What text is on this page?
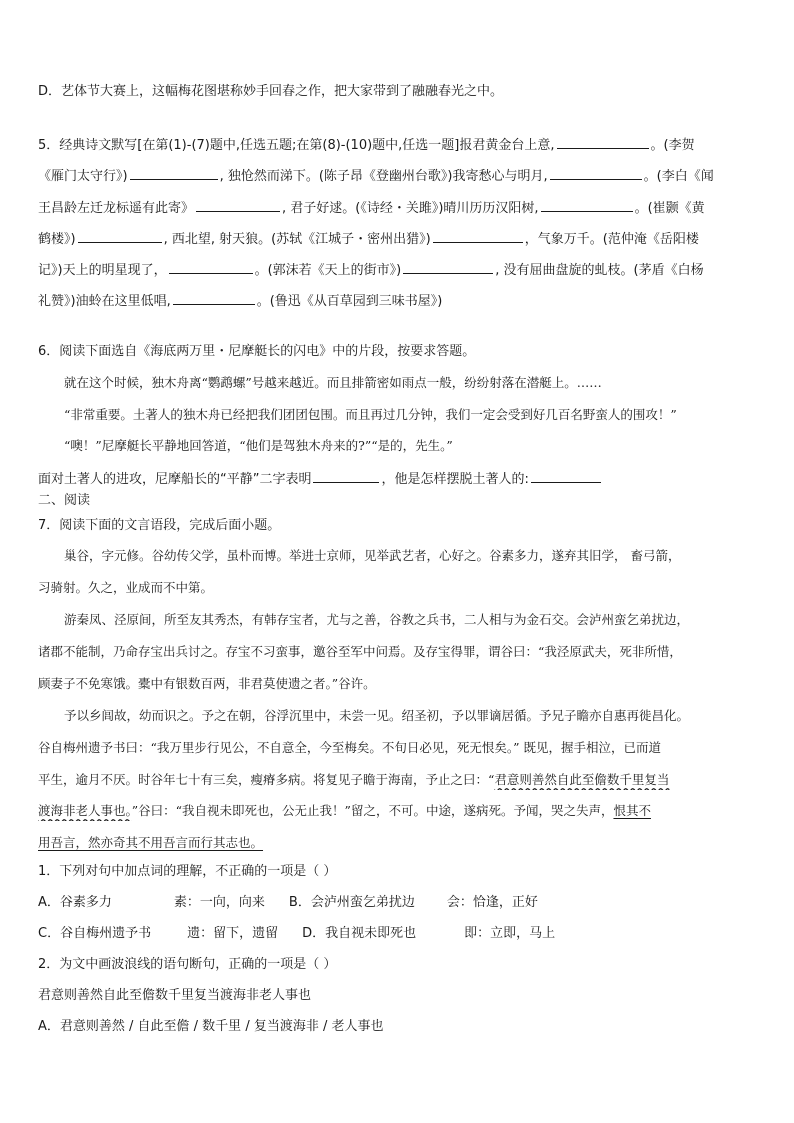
D．艺体节大赛上，这幅梅花图堪称妙手回春之作，把大家带到了融融春光之中。
5．经典诗文默写[在第(1)-(7)题中,任选五题;在第(8)-(10)题中,任选一题]报君黄金台上意,	。(李贺
《雁门太守行》)	, 独怆然而涕下。(陈子昂《登幽州台歌》)我寄愁心与明月,	。(李白《闻
王昌龄左迁龙标遥有此寄》	, 君子好逑。(《诗经・关雎》)晴川历历汉阳树,	。(崔颢《黄
鹤楼》)	, 西北望, 射天狼。(苏轼《江城子・密州出猎》)	，气象万千。(范仲淹《岳阳楼
记》)天上的明星现了，	。(郭沫若《天上的街市》)	, 没有屈曲盘旋的虬枝。(茅盾《白杨
礼赞》)油蛉在这里低唱,	。(鲁迅《从百草园到三味书屋》)
6．阅读下面选自《海底两万里・尼摩艇长的闪电》中的片段，按要求答题。
就在这个时候，独木舟离“鹦鹉螺”号越来越近。而且排箭密如雨点一般，纷纷射落在潜艇上。……
“非常重要。土著人的独木舟已经把我们团团包围。而且再过几分钟，我们一定会受到好几百名野蛮人的围攻！”
“噢！”尼摩艇长平静地回答道，“他们是驾独木舟来的?”“是的，先生。”
面对土著人的进攻，尼摩船长的“平静”二字表明	，他是怎样摆脱土著人的:
二、阅读
7．阅读下面的文言语段，完成后面小题。
巢谷，字元修。谷幼传父学，虽朴而博。举进士京师，见举武艺者，心好之。谷素多力，遂弃其旧学， 畜弓箭，
习骑射。久之，业成而不中第。
游秦凤、泾原间，所至友其秀杰，有韩存宝者，尤与之善，谷教之兵书，二人相与为金石交。会泸州蛮乞弟扰边，
诸郡不能制，乃命存宝出兵讨之。存宝不习蛮事，邀谷至军中问焉。及存宝得罪，谓谷曰：“我泾原武夫，死非所惜，
顾妻子不免寒饿。橐中有银数百两，非君莫使遗之者。”谷许。
予以乡闾故，幼而识之。予之在朝，谷浮沉里中，未尝一见。绍圣初，予以罪谪居循。予兄子瞻亦自惠再徙昌化。
谷自梅州遗予书曰：“我万里步行见公，不自意全，今至梅矣。不旬日必见，死无恨矣。” 既见，握手相泣，已而道
平生，逾月不厌。时谷年七十有三矣，瘦瘠多病。将复见子瞻于海南，予止之曰：“君意则善然自此至儋数千里复当
渡海非老人事也。”谷曰：“我自视未即死也，公无止我！”留之，不可。中途，遂病死。予闻，哭之失声，恨其不
用吾言，然亦奇其不用吾言而行其志也。
1．下列对句中加点词的理解，不正确的一项是（ ）
A．谷素多力	素：一向，向来 B．会泸州蛮乞弟扰边 会：恰逢，正好
C．谷自梅州遗予书	遗：留下，遗留 D．我自视未即死也	即：立即，马上
2．为文中画波浪线的语句断句，正确的一项是（ ）
君意则善然自此至儋数千里复当渡海非老人事也
A．君意则善然 / 自此至儋 / 数千里 / 复当渡海非 / 老人事也
